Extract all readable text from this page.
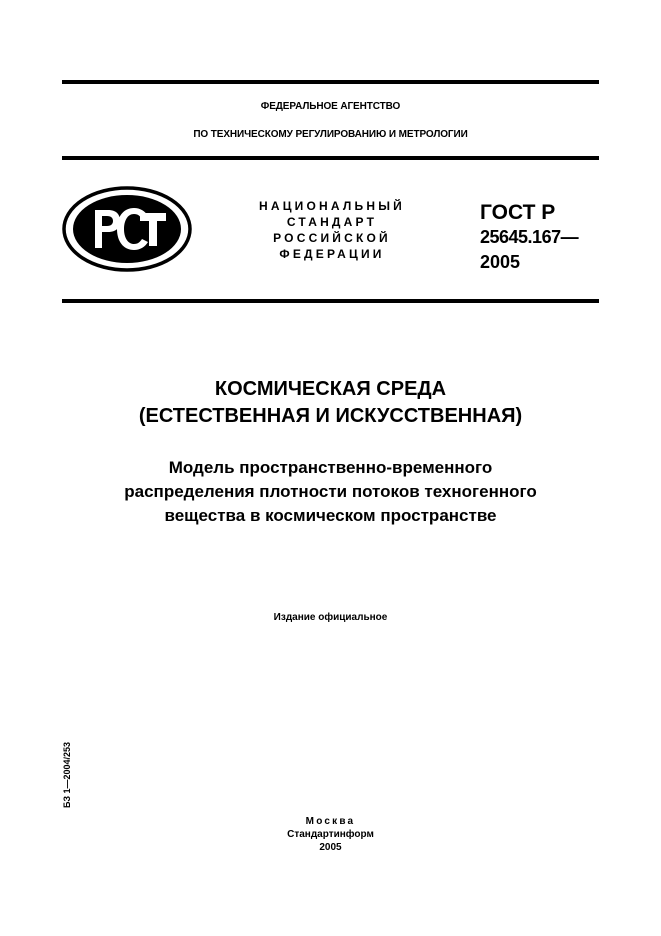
ФЕДЕРАЛЬНОЕ АГЕНТСТВО
ПО ТЕХНИЧЕСКОМУ РЕГУЛИРОВАНИЮ И МЕТРОЛОГИИ
НАЦИОНАЛЬНЫЙ
СТАНДАРТ
РОССИЙСКОЙ
ФЕДЕРАЦИИ
ГОСТ Р
25645.167—
2005
КОСМИЧЕСКАЯ СРЕДА
(ЕСТЕСТВЕННАЯ И ИСКУССТВЕННАЯ)
Модель пространственно-временного
распределения плотности потоков техногенного
вещества в космическом пространстве
Издание официальное
БЗ 1—2004/253
Москва
Стандартинформ
2005
